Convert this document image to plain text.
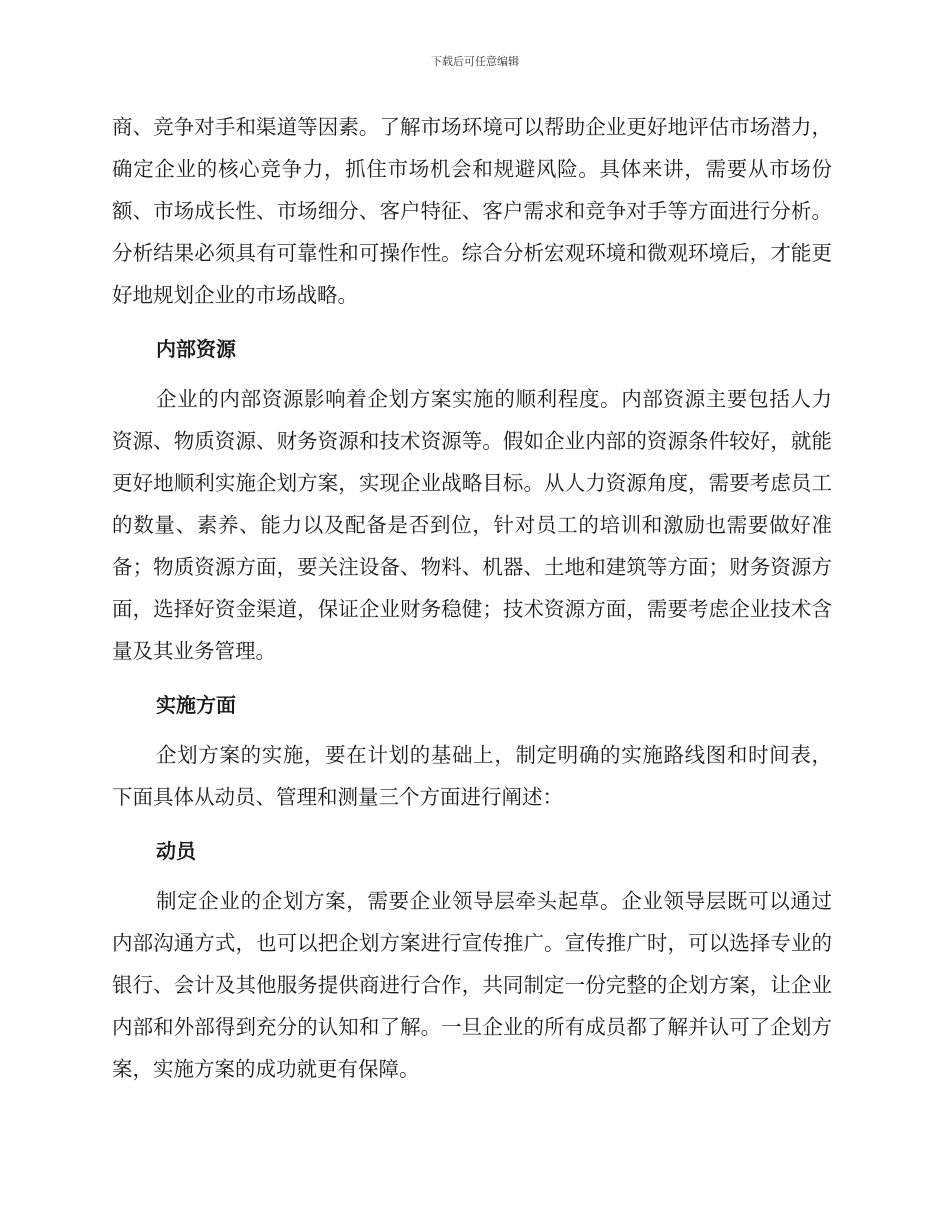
下载后可任意编辑

商、竞争对手和渠道等因素。了解市场环境可以帮助企业更好地评估市场潜力，确定企业的核心竞争力，抓住市场机会和规避风险。具体来讲，需要从市场份额、市场成长性、市场细分、客户特征、客户需求和竞争对手等方面进行分析。分析结果必须具有可靠性和可操作性。综合分析宏观环境和微观环境后，才能更好地规划企业的市场战略。

内部资源

企业的内部资源影响着企划方案实施的顺利程度。内部资源主要包括人力资源、物质资源、财务资源和技术资源等。假如企业内部的资源条件较好，就能更好地顺利实施企划方案，实现企业战略目标。从人力资源角度，需要考虑员工的数量、素养、能力以及配备是否到位，针对员工的培训和激励也需要做好准备；物质资源方面，要关注设备、物料、机器、土地和建筑等方面；财务资源方面，选择好资金渠道，保证企业财务稳健；技术资源方面，需要考虑企业技术含量及其业务管理。

实施方面

企划方案的实施，要在计划的基础上，制定明确的实施路线图和时间表，下面具体从动员、管理和测量三个方面进行阐述：

动员

制定企业的企划方案，需要企业领导层牵头起草。企业领导层既可以通过内部沟通方式，也可以把企划方案进行宣传推广。宣传推广时，可以选择专业的银行、会计及其他服务提供商进行合作，共同制定一份完整的企划方案，让企业内部和外部得到充分的认知和了解。一旦企业的所有成员都了解并认可了企划方案，实施方案的成功就更有保障。
